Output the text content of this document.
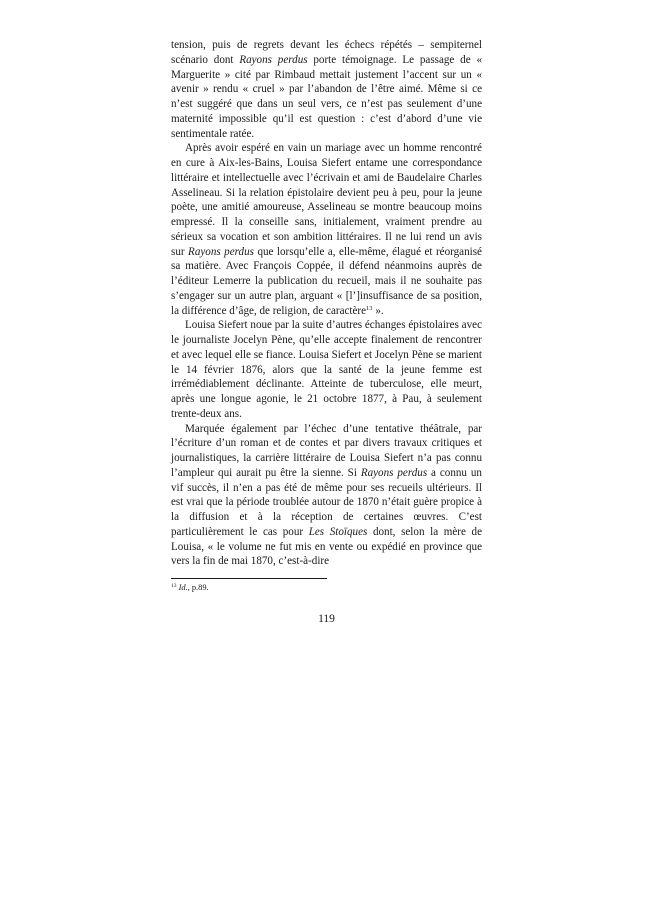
tension, puis de regrets devant les échecs répétés – sempiternel scénario dont Rayons perdus porte témoignage. Le passage de « Marguerite » cité par Rimbaud mettait justement l’accent sur un « avenir » rendu « cruel » par l’abandon de l’être aimé. Même si ce n’est suggéré que dans un seul vers, ce n’est pas seulement d’une maternité impossible qu’il est question : c’est d’abord d’une vie sentimentale ratée.

Après avoir espéré en vain un mariage avec un homme rencontré en cure à Aix-les-Bains, Louisa Siefert entame une correspondance littéraire et intellectuelle avec l’écrivain et ami de Baudelaire Charles Asselineau. Si la relation épistolaire devient peu à peu, pour la jeune poète, une amitié amoureuse, Asselineau se montre beaucoup moins empressé. Il la conseille sans, initialement, vraiment prendre au sérieux sa vocation et son ambition littéraires. Il ne lui rend un avis sur Rayons perdus que lorsqu’elle a, elle-même, élagué et réorganisé sa matière. Avec François Coppée, il défend néanmoins auprès de l’éditeur Lemerre la publication du recueil, mais il ne souhaite pas s’engager sur un autre plan, arguant « [l’]insuffisance de sa position, la différence d’âge, de religion, de caractère$^{13}$ ».

Louisa Siefert noue par la suite d’autres échanges épistolaires avec le journaliste Jocelyn Pène, qu’elle accepte finalement de rencontrer et avec lequel elle se fiance. Louisa Siefert et Jocelyn Pène se marient le 14 février 1876, alors que la santé de la jeune femme est irrémédiablement déclinante. Atteinte de tuberculose, elle meurt, après une longue agonie, le 21 octobre 1877, à Pau, à seulement trente-deux ans.

Marquée également par l’échec d’une tentative théâtrale, par l’écriture d’un roman et de contes et par divers travaux critiques et journalistiques, la carrière littéraire de Louisa Siefert n’a pas connu l’ampleur qui aurait pu être la sienne. Si Rayons perdus a connu un vif succès, il n’en a pas été de même pour ses recueils ultérieurs. Il est vrai que la période troublée autour de 1870 n’était guère propice à la diffusion et à la réception de certaines œuvres. C’est particulièrement le cas pour Les Stoïques dont, selon la mère de Louisa, « le volume ne fut mis en vente ou expédié en province que vers la fin de mai 1870, c’est-à-dire

$^{13}$ Id., p.89.
119
